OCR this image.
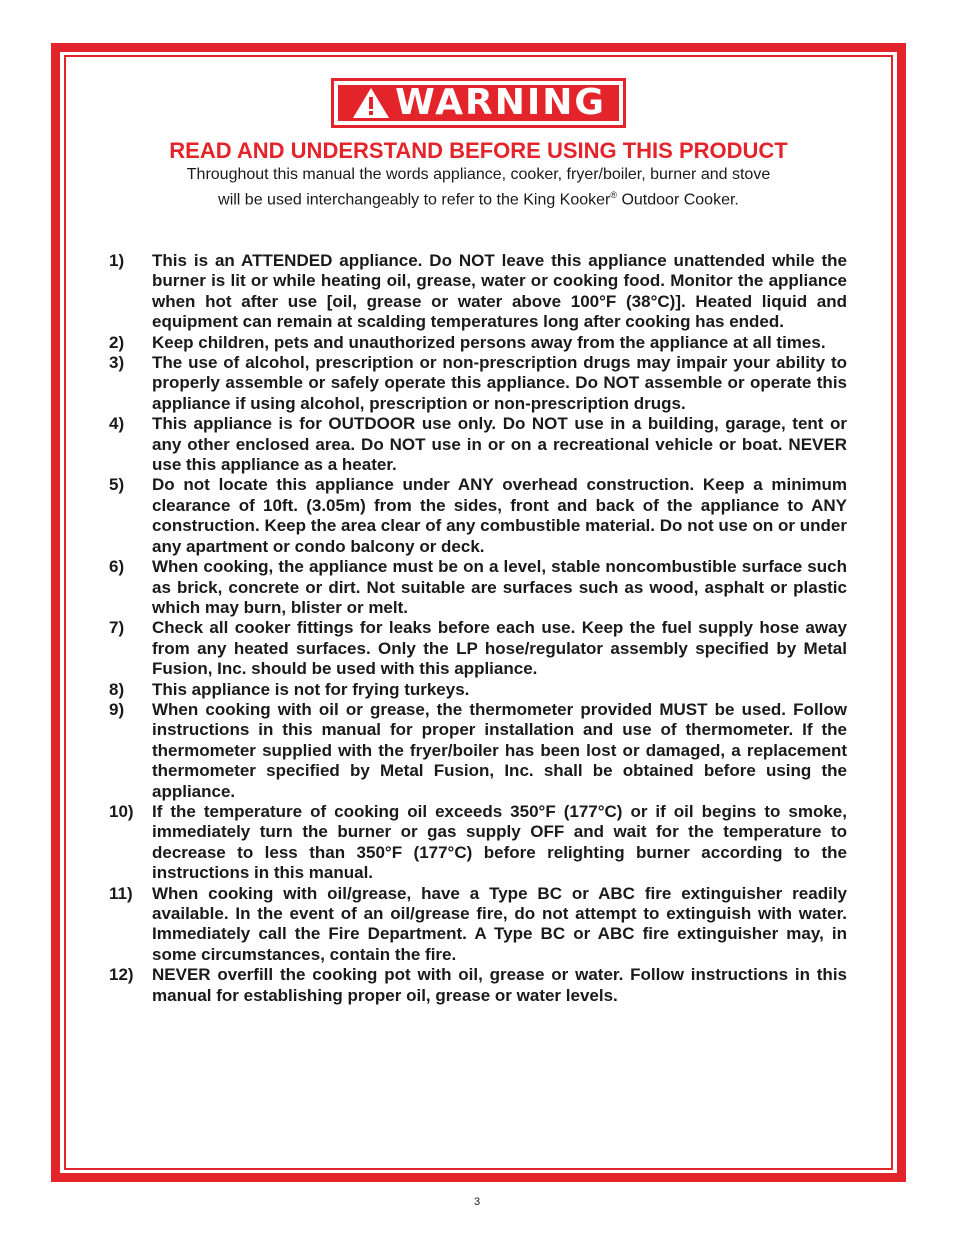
WARNING
READ AND UNDERSTAND BEFORE USING THIS PRODUCT

Throughout this manual the words appliance, cooker, fryer/boiler, burner and stove
will be used interchangeably to refer to the King Kooker® Outdoor Cooker.

1)	This is an ATTENDED appliance. Do NOT leave this appliance unattended while the burner is lit or while heating oil, grease, water or cooking food. Monitor the appliance when hot after use [oil, grease or water above 100°F (38°C)]. Heated liquid and equipment can remain at scalding temperatures long after cooking has ended.
2)	Keep children, pets and unauthorized persons away from the appliance at all times.
3)	The use of alcohol, prescription or non-prescription drugs may impair your ability to properly assemble or safely operate this appliance. Do NOT assemble or operate this appliance if using alcohol, prescription or non-prescription drugs.
4)	This appliance is for OUTDOOR use only. Do NOT use in a building, garage, tent or any other enclosed area. Do NOT use in or on a recreational vehicle or boat. NEVER use this appliance as a heater.
5)	Do not locate this appliance under ANY overhead construction. Keep a minimum clearance of 10ft. (3.05m) from the sides, front and back of the appliance to ANY construction. Keep the area clear of any combustible material. Do not use on or under any apartment or condo balcony or deck.
6)	When cooking, the appliance must be on a level, stable noncombustible surface such as brick, concrete or dirt. Not suitable are surfaces such as wood, asphalt or plastic which may burn, blister or melt.
7)	Check all cooker fittings for leaks before each use. Keep the fuel supply hose away from any heated surfaces. Only the LP hose/regulator assembly specified by Metal Fusion, Inc. should be used with this appliance.
8)	This appliance is not for frying turkeys.
9)	When cooking with oil or grease, the thermometer provided MUST be used. Follow instructions in this manual for proper installation and use of thermometer. If the thermometer supplied with the fryer/boiler has been lost or damaged, a replacement thermometer specified by Metal Fusion, Inc. shall be obtained before using the appliance.
10)	If the temperature of cooking oil exceeds 350°F (177°C) or if oil begins to smoke, immediately turn the burner or gas supply OFF and wait for the temperature to decrease to less than 350°F (177°C) before relighting burner according to the instructions in this manual.
11)	When cooking with oil/grease, have a Type BC or ABC fire extinguisher readily available. In the event of an oil/grease fire, do not attempt to extinguish with water. Immediately call the Fire Department. A Type BC or ABC fire extinguisher may, in some circumstances, contain the fire.
12)	NEVER overfill the cooking pot with oil, grease or water. Follow instructions in this manual for establishing proper oil, grease or water levels.
3
